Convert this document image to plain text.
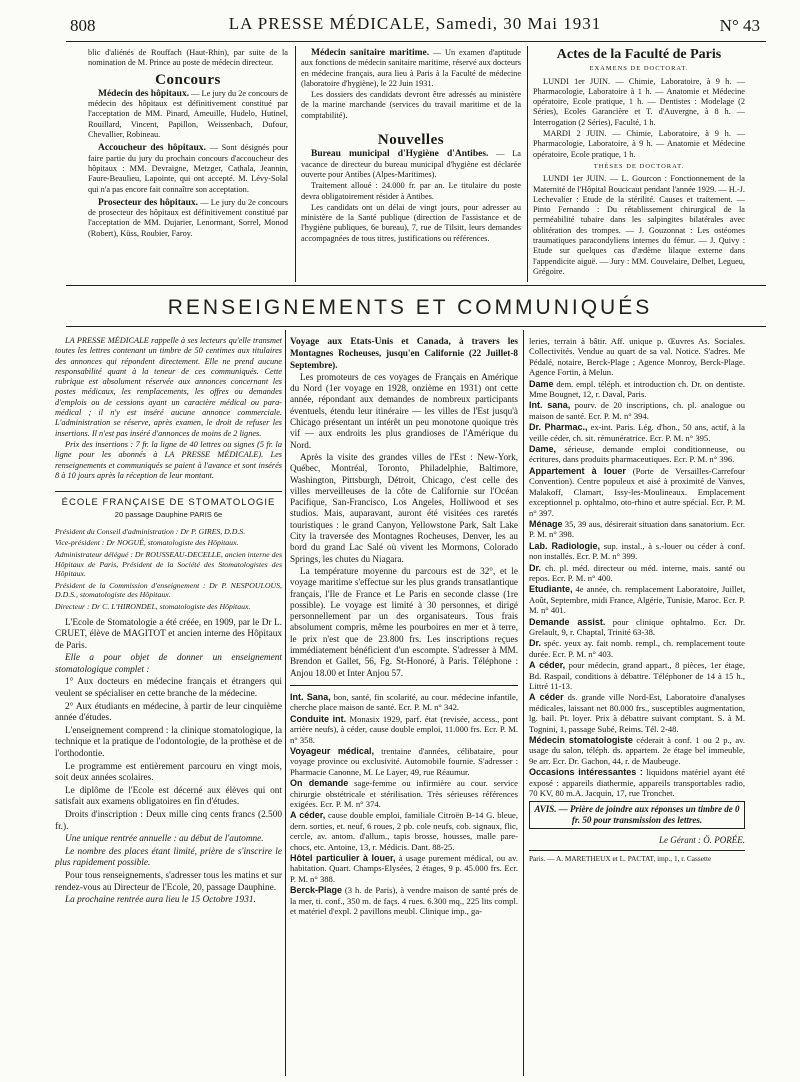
808	LA PRESSE MÉDICALE, Samedi, 30 Mai 1931	N° 43

blic d'aliénés de Rouffach (Haut-Rhin), par suite de la nomination de M. Prince au poste de médecin directeur.

Concours

Médecin des hôpitaux. — Le jury du 2e concours de médecin des hôpitaux est définitivement constitué par l'acceptation de MM. Pinard, Ameuille, Hudelo, Hutinel, Rouillard, Vincent, Papillon, Weissenbach, Dufour, Chevallier, Robineau.

Accoucheur des hôpitaux. — Sont désignés pour faire partie du jury du prochain concours d'accoucheur des hôpitaux : MM. Devraigne, Metzger, Cathala, Jeannin, Faure-Beaulieu, Lapointe, qui ont accepté. M. Lévy-Solal qui n'a pas encore fait connaître son acceptation.

Prosecteur des hôpitaux. — Le jury du 2e concours de prosecteur des hôpitaux est définitivement constitué par l'acceptation de MM. Dujarier, Lenormant, Sorrel, Monod (Robert), Küss, Roubier, Faroy.

Médecin sanitaire maritime. — Un examen d'aptitude aux fonctions de médecin sanitaire maritime, réservé aux docteurs en médecine français, aura lieu à Paris à la Faculté de médecine (laboratoire d'hygiène), le 22 Juin 1931.

Les dossiers des candidats devront être adressés au ministère de la marine marchande (services du travail maritime et de la comptabilité).

Nouvelles

Bureau municipal d'Hygiène d'Antibes. — La vacance de directeur du bureau municipal d'hygiène est déclarée ouverte pour Antibes (Alpes-Maritimes).

Traitement alloué : 24.000 fr. par an. Le titulaire du poste devra obligatoirement résider à Antibes.

Les candidats ont un délai de vingt jours, pour adresser au ministère de la Santé publique (direction de l'assistance et de l'hygiène publiques, 6e bureau), 7, rue de Tilsitt, leurs demandes accompagnées de tous titres, justifications ou références.

Actes de la Faculté de Paris
EXAMENS DE DOCTORAT.

LUNDI 1er JUIN. — Chimie, Laboratoire, à 9 h. — Pharmacologie, Laboratoire à 1 h. — Anatomie et Médecine opératoire, Ecole pratique, 1 h. — Dentistes : Modelage (2 Séries), Ecoles Garancière et T. d'Auvergne, à 8 h. — Interrogation (2 Séries), Faculté, 1 h.

MARDI 2 JUIN. — Chimie, Laboratoire, à 9 h. — Pharmacologie, Laboratoire, à 9 h. — Anatomie et Médecine opératoire, Ecole pratique, 1 h.

THÈSES DE DOCTORAT.

LUNDI 1er JUIN. — L. Gourcon : Fonctionnement de la Maternité de l'Hôpital Boucicaut pendant l'année 1929. — H.-J. Lechevalier : Etude de la stérilité. Causes et traitement. — Pinto Fernando : Du rétablissement chirurgical de la perméabilité tubaire dans les salpingites bilatérales avec oblitération des trompes. — J. Gouzonnat : Les ostéomes traumatiques paracondyliens internes du fémur. — J. Quivy : Etude sur quelques cas d'ædème lilaque externe dans l'appendicite aiguë. — Jury : MM. Couvelaire, Delbet, Legueu, Grégoire.

RENSEIGNEMENTS ET COMMUNIQUÉS

LA PRESSE MÉDICALE rappelle à ses lecteurs qu'elle transmet toutes les lettres contenant un timbre de 50 centimes aux titulaires des annonces qui répondent directement. Elle ne prend aucune responsabilité quant à la teneur de ces communiqués. Cette rubrique est absolument réservée aux annonces concernant les postes médicaux, les remplacements, les offres ou demandes d'emplois ou de cessions ayant un caractère médical ou para-médical ; il n'y est inséré aucune annonce commerciale. L'administration se réserve, après examen, le droit de refuser les insertions. Il n'est pas inséré d'annonces de moins de 2 lignes.

Prix des insertions : 7 fr. la ligne de 40 lettres ou signes (5 fr. la ligne pour les abonnés à LA PRESSE MÉDICALE). Les renseignements et communiqués se paient à l'avance et sont insérés 8 à 10 jours après la réception de leur montant.

ÉCOLE FRANÇAISE DE STOMATOLOGIE
20 passage Dauphine PARIS 6e

Président du Conseil d'administration : Dr P. GIRES, D.D.S.

Vice-président : Dr NOGUÉ, stomatologiste des Hôpitaux.

Administrateur délégué : Dr ROUSSEAU-DECELLE, ancien interne des Hôpitaux de Paris, Président de la Société des Stomatologistes des Hôpitaux.

Président de la Commission d'enseignement : Dr P. NESPOULOUS, D.D.S., stomatologiste des Hôpitaux.

Directeur : Dr C. L'HIRONDEL, stomatologiste des Hôpitaux.

L'Ecole de Stomatologie a été créée, en 1909, par le Dr L. CRUET, élève de MAGITOT et ancien interne des Hôpitaux de Paris.

Elle a pour objet de donner un enseignement stomatologique complet :

1° Aux docteurs en médecine français et étrangers qui veulent se spécialiser en cette branche de la médecine.

2° Aux étudiants en médecine, à partir de leur cinquième année d'études.

L'enseignement comprend : la clinique stomatologique, la technique et la pratique de l'odontologie, de la prothèse et de l'orthodontie.

Le programme est entièrement parcouru en vingt mois, soit deux années scolaires.

Le diplôme de l'Ecole est décerné aux élèves qui ont satisfait aux examens obligatoires en fin d'études.

Droits d'inscription : Deux mille cinq cents francs (2.500 fr.).

Une unique rentrée annuelle : au début de l'automne.

Le nombre des places étant limité, prière de s'inscrire le plus rapidement possible.

Pour tous renseignements, s'adresser tous les matins et sur rendez-vous au Directeur de l'Ecole, 20, passage Dauphine.

La prochaine rentrée aura lieu le 15 Octobre 1931.

Voyage aux Etats-Unis et Canada, à travers les Montagnes Rocheuses, jusqu'en Californie (22 Juillet-8 Septembre).

Les promoteurs de ces voyages de Français en Amérique du Nord (1er voyage en 1928, onzième en 1931) ont cette année, répondant aux demandes de nombreux participants éventuels, étendu leur itinéraire — les villes de l'Est jusqu'à Chicago présentant un intérêt un peu monotone quoique très vif — aux endroits les plus grandioses de l'Amérique du Nord.

Après la visite des grandes villes de l'Est : New-York, Québec, Montréal, Toronto, Philadelphie, Baltimore, Washington, Pittsburgh, Détroit, Chicago, c'est celle des villes merveilleuses de la côte de Californie sur l'Océan Pacifique, San-Francisco, Los Angeles, Holliwood et ses studios. Mais, auparavant, auront été visitées ces raretés touristiques : le grand Canyon, Yellowstone Park, Salt Lake City la traversée des Montagnes Rocheuses, Denver, les au bord du grand Lac Salé où vivent les Mormons, Colorado Springs, les chutes du Niagara.

La température moyenne du parcours est de 32°, et le voyage maritime s'effectue sur les plus grands transatlantique français, l'Ile de France et Le Paris en seconde classe (1re possible). Le voyage est limité à 30 personnes, et dirigé personnellement par un des organisateurs. Tous frais absolument compris, même les pourboires en mer et à terre, le prix n'est que de 23.800 frs. Les inscriptions reçues immédiatement bénéficient d'un escompte. S'adresser à MM. Brendon et Gallet, 56, Fg. St-Honoré, à Paris. Téléphone : Anjou 18.00 et Inter Anjou 57.

Int. Sana, bon, santé, fin scolarité, au cour. médecine infantile, cherche place maison de santé. Ecr. P. M. n° 342.

Conduite int. Monasix 1929, parf. état (revisée, access., pont arrière neufs), à céder, cause double emploi, 11.000 frs. Ecr. P. M. n° 358.

Voyageur médical, trentaine d'années, célibataire, pour voyage province ou exclusivité. Automobile fournie. S'adresser : Pharmacie Canonne, M. Le Layer, 49, rue Réaumur.

On demande sage-femme ou infirmière au cour. service chirurgie obstétricale et stérilisation. Très sérieuses références exigées. Ecr. P. M. n° 374.

A céder, cause double emploi, familiale Citroën B-14 G. bleue, dern. sorties, et. neuf, 6 roues, 2 pb. cole neufs, cob. signaux, flic, cercle, av. antom. d'allum., tapis brosse, housses, malle pare-chocs, etc. Antoine, 13, r. Médicis. Dant. 88-25.

Hôtel particulier à louer, à usage purement médical, ou av. habitation. Quart. Champs-Elysées, 2 étages, 9 p. 45.000 frs. Ecr. P. M. n° 388.

Berck-Plage (3 h. de Paris), à vendre maison de santé prés de la mer, ti. conf., 350 m. de façs. 4 rues. 6.300 mq., 225 lits compl. et matériel d'expl. 2 pavillons meubl. Clinique imp., ga-

leries, terrain à bâtir. Aff. unique p. Œuvres As. Sociales. Collectivités. Vendue au quart de sa val. Notice. S'adres. Me Pédalé, notaire, Berck-Plage ; Agence Monroy, Berck-Plage. Agence Fortin, à Melun.

Dame dem. empl. téléph. et introduction ch. Dr. on dentiste. Mme Bougnet, 12, r. Daval, Paris.

Int. sana, pourv. de 20 inscriptions, ch. pl. analogue ou maison de santé. Ecr. P. M. n° 394.

Dr. Pharmac., ex-int. Paris. Lég. d'hon., 50 ans, actif, à la veille céder, ch. sit. rémunératrice. Ecr. P. M. n° 395.

Dame, sérieuse, demande emploi conditionneuse, ou écritures, dans produits pharmaceutiques. Ecr. P. M. n° 396.

Appartement à louer (Porte de Versailles-Carrefour Convention). Centre populeux et aisé à proximité de Vanves, Malakoff, Clamart, Issy-les-Moulineaux. Emplacement exceptionnel p. ophtalmo, oto-rhino et autre spécial. Ecr. P. M. n° 397.

Ménage 35, 39 aus, désirerait situation dans sanatorium. Ecr. P. M. n° 398.

Lab. Radiologie, sup. instal., à s.-louer ou céder à conf. non installés. Ecr. P. M. n° 399.

Dr. ch. pl. méd. directeur ou méd. interne, mais. santé ou repos. Ecr. P. M. n° 400.

Etudiante, 4e année, ch. remplacement Laboratoire, Juillet, Août, Septembre, midi France, Algérie, Tunisie, Maroc. Ecr. P. M. n° 401.

Demande assist. pour clinique ophtalmo. Ecr. Dr. Grelault, 9, r. Chaptal, Trinité 63-38.

Dr. spéc. yeux ay. fait nomb. rempl., ch. remplacement toute durée. Ecr. P. M. n° 403.

A céder, pour médecin, grand appart., 8 pièces, 1er étage, Bd. Raspail, conditions à débattre. Téléphoner de 14 à 15 h., Littré 11-13.

A céder ds. grande ville Nord-Est, Laboratoire d'analyses médicales, laissant net 80.000 frs., susceptibles augmentation, lg. bail. Pt. loyer. Prix à débattre suivant comptant. S. à M. Tognini, 1, passage Subé, Reims. Tél. 2-48.

Médecin stomatologiste céderait à conf. 1 ou 2 p., av. usage du salon, téléph. ds. appartem. 2e étage bel immeuble, 9e arr. Ecr. Dr. Gachon, 44, r. de Maubeuge.

Occasions intéressantes : liquidons matériel ayant été exposé : appareils diathermie, appareils transportables radio, 70 KV, 80 m.A. Jacquin, 17, rue Tronchet.

AVIS. — Prière de joindre aux réponses un timbre de 0 fr. 50 pour transmission des lettres.

Le Gérant : Ö. PORÉE.

Paris. — A. MARETHEUX et L. PACTAT, imp., 1, r. Cassette
